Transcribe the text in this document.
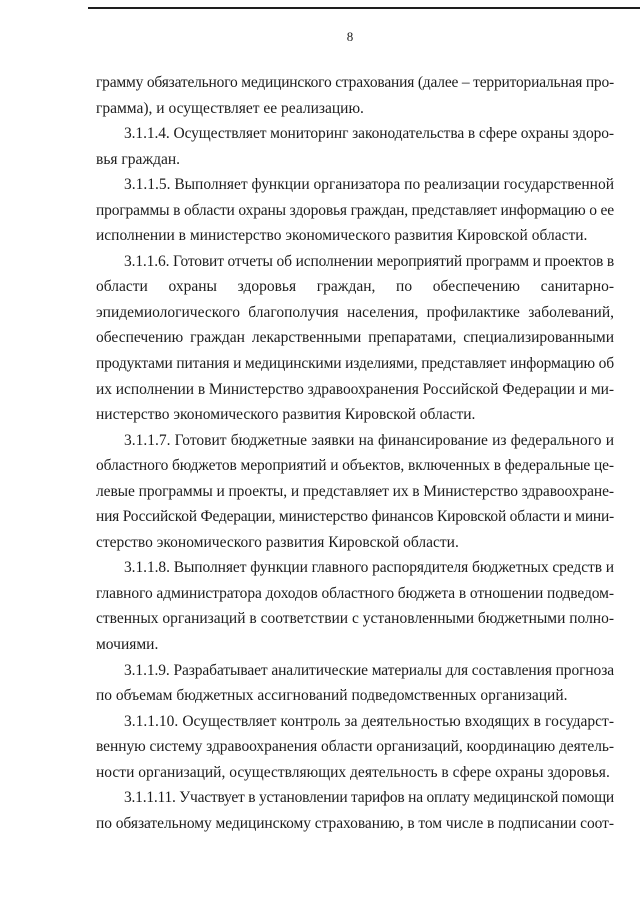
8
грамму обязательного медицинского страхования (далее – территориальная про-
грамма), и осуществляет ее реализацию.
3.1.1.4. Осуществляет мониторинг законодательства в сфере охраны здоро-
вья граждан.
3.1.1.5. Выполняет функции организатора по реализации государственной
программы в области охраны здоровья граждан, представляет информацию о ее
исполнении в министерство экономического развития Кировской области.
3.1.1.6. Готовит отчеты об исполнении мероприятий программ и проектов в
области охраны здоровья граждан, по обеспечению санитарно-
эпидемиологического благополучия населения, профилактике заболеваний,
обеспечению граждан лекарственными препаратами, специализированными
продуктами питания и медицинскими изделиями, представляет информацию об
их исполнении в Министерство здравоохранения Российской Федерации и ми-
нистерство экономического развития Кировской области.
3.1.1.7. Готовит бюджетные заявки на финансирование из федерального и
областного бюджетов мероприятий и объектов, включенных в федеральные це-
левые программы и проекты, и представляет их в Министерство здравоохране-
ния Российской Федерации, министерство финансов Кировской области и мини-
стерство экономического развития Кировской области.
3.1.1.8. Выполняет функции главного распорядителя бюджетных средств и
главного администратора доходов областного бюджета в отношении подведом-
ственных организаций в соответствии с установленными бюджетными полно-
мочиями.
3.1.1.9. Разрабатывает аналитические материалы для составления прогноза
по объемам бюджетных ассигнований подведомственных организаций.
3.1.1.10. Осуществляет контроль за деятельностью входящих в государст-
венную систему здравоохранения области организаций, координацию деятель-
ности организаций, осуществляющих деятельность в сфере охраны здоровья.
3.1.1.11. Участвует в установлении тарифов на оплату медицинской помощи
по обязательному медицинскому страхованию, в том числе в подписании соот-
